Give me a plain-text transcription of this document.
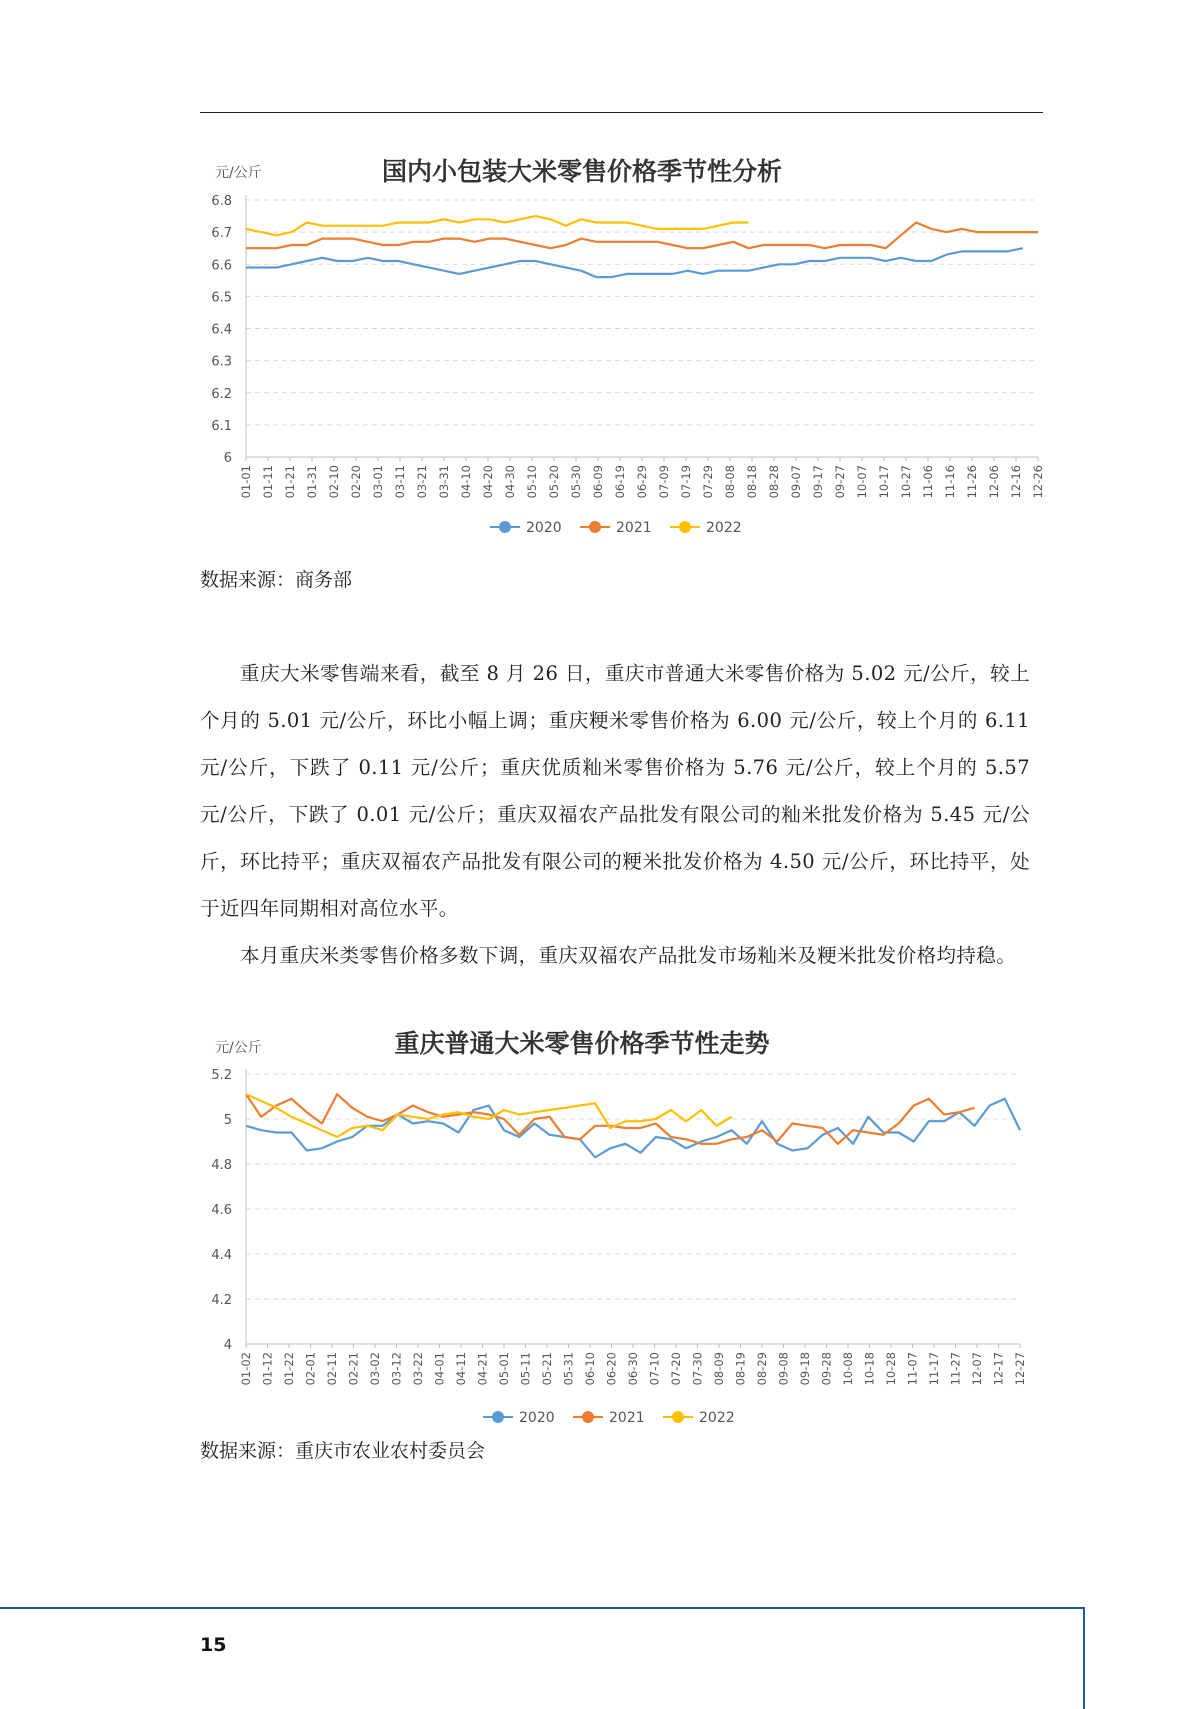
国内小包装大米零售价格季节性分析
元/公斤
6
6.1
6.2
6.3
6.4
6.5
6.6
6.7
6.8
01-01 01-11 01-21 01-31 02-10 02-20 03-01 03-11 03-21 03-31 04-10 04-20 04-30 05-10 05-20 05-30 06-09 06-19 06-29 07-09 07-19 07-29 08-08 08-18 08-28 09-07 09-17 09-27 10-07 10-17 10-27 11-06 11-16 11-26 12-06 12-16 12-26
2020	2021	2022
数据来源：商务部

重庆大米零售端来看，截至 8 月 26 日，重庆市普通大米零售价格为 5.02 元/公斤，较上个月的 5.01 元/公斤，环比小幅上调；重庆粳米零售价格为 6.00 元/公斤，较上个月的 6.11 元/公斤，下跌了 0.11 元/公斤；重庆优质籼米零售价格为 5.76 元/公斤，较上个月的 5.57 元/公斤，下跌了 0.01 元/公斤；重庆双福农产品批发有限公司的籼米批发价格为 5.45 元/公斤，环比持平；重庆双福农产品批发有限公司的粳米批发价格为 4.50 元/公斤，环比持平，处于近四年同期相对高位水平。

本月重庆米类零售价格多数下调，重庆双福农产品批发市场籼米及粳米批发价格均持稳。

重庆普通大米零售价格季节性走势
元/公斤
4
4.2
4.4
4.6
4.8
5
5.2
01-02 01-12 01-22 02-01 02-11 02-21 03-02 03-12 03-22 04-01 04-11 04-21 05-01 05-11 05-21 05-31 06-10 06-20 06-30 07-10 07-20 07-30 08-09 08-19 08-29 09-08 09-18 09-28 10-08 10-18 10-28 11-07 11-17 11-27 12-07 12-17 12-27
2020	2021	2022
数据来源：重庆市农业农村委员会
15
